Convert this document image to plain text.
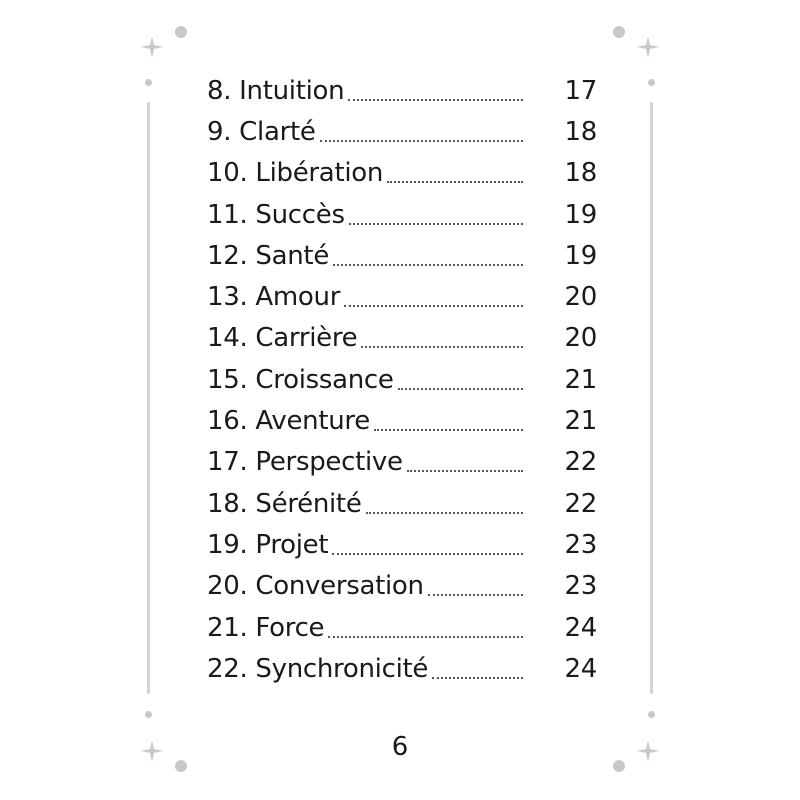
8. Intuition	17
9. Clarté	18
10. Libération	18
11. Succès	19
12. Santé	19
13. Amour	20
14. Carrière	20
15. Croissance	21
16. Aventure	21
17. Perspective	22
18. Sérénité	22
19. Projet	23
20. Conversation	23
21. Force	24
22. Synchronicité	24
6
